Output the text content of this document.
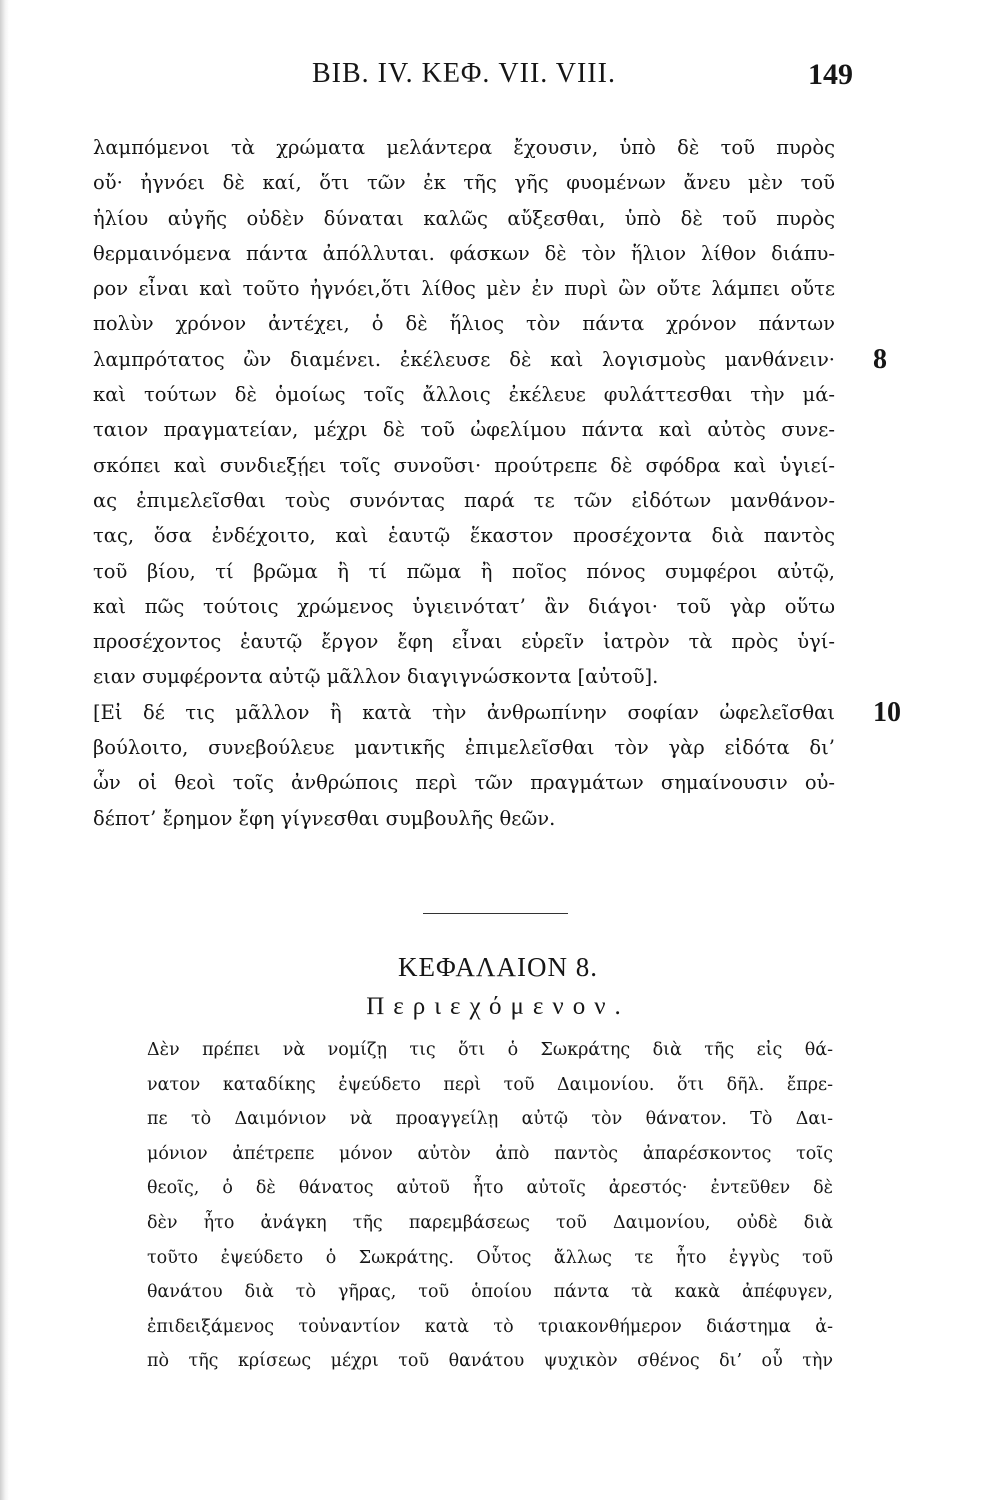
BIB. IV. ΚΕΦ. VII. VIII.	149
λαμπόμενοι τὰ χρώματα μελάντερα ἔχουσιν, ὑπὸ δὲ τοῦ πυρὸς
οὔ· ἠγνόει δὲ καί, ὅτι τῶν ἐκ τῆς γῆς φυομένων ἄνευ μὲν τοῦ
ἡλίου αὐγῆς οὐδὲν δύναται καλῶς αὔξεσθαι, ὑπὸ δὲ τοῦ πυρὸς
θερμαινόμενα πάντα ἀπόλλυται. φάσκων δὲ τὸν ἥλιον λίθον διάπυ-
ρον εἶναι καὶ τοῦτο ἠγνόει,ὅτι λίθος μὲν ἐν πυρὶ ὢν οὔτε λάμπει οὔτε
πολὺν χρόνον ἀντέχει, ὁ δὲ ἥλιος τὸν πάντα χρόνον πάντων
λαμπρότατος ὢν διαμένει. ἐκέλευσε δὲ καὶ λογισμοὺς μανθάνειν· 8
καὶ τούτων δὲ ὁμοίως τοῖς ἄλλοις ἐκέλευε φυλάττεσθαι τὴν μά-
ταιον πραγματείαν, μέχρι δὲ τοῦ ὠφελίμου πάντα καὶ αὐτὸς συνε-
σκόπει καὶ συνδιεξῄει τοῖς συνοῦσι· προύτρεπε δὲ σφόδρα καὶ ὑγιεί-
ας ἐπιμελεῖσθαι τοὺς συνόντας παρά τε τῶν εἰδότων μανθάνον-
τας, ὅσα ἐνδέχοιτο, καὶ ἑαυτῷ ἕκαστον προσέχοντα διὰ παντὸς
τοῦ βίου, τί βρῶμα ἢ τί πῶμα ἢ ποῖος πόνος συμφέροι αὐτῷ,
καὶ πῶς τούτοις χρώμενος ὑγιεινότατ’ ἂν διάγοι· τοῦ γὰρ οὕτω
προσέχοντος ἑαυτῷ ἔργον ἔφη εἶναι εὑρεῖν ἰατρὸν τὰ πρὸς ὑγί-
ειαν συμφέροντα αὐτῷ μᾶλλον διαγιγνώσκοντα [αὐτοῦ].
[Εἰ δέ τις μᾶλλον ἢ κατὰ τὴν ἀνθρωπίνην σοφίαν ὠφελεῖσθαι 10
βούλοιτο, συνεβούλευε μαντικῆς ἐπιμελεῖσθαι τὸν γὰρ εἰδότα δι’
ὧν οἱ θεοὶ τοῖς ἀνθρώποις περὶ τῶν πραγμάτων σημαίνουσιν οὐ-
δέποτ’ ἔρημον ἔφη γίγνεσθαι συμβουλῆς θεῶν.
ΚΕΦΑΛΑΙΟΝ 8.
Περιεχόμενον.
Δὲν πρέπει νὰ νομίζῃ τις ὅτι ὁ Σωκράτης διὰ τῆς εἰς θά-
νατον καταδίκης ἐψεύδετο περὶ τοῦ Δαιμονίου. ὅτι δῆλ. ἔπρε-
πε τὸ Δαιμόνιον νὰ προαγγείλῃ αὐτῷ τὸν θάνατον. Τὸ Δαι-
μόνιον ἀπέτρεπε μόνον αὐτὸν ἀπὸ παντὸς ἀπαρέσκοντος τοῖς
θεοῖς, ὁ δὲ θάνατος αὐτοῦ ἦτο αὐτοῖς ἀρεστός· ἐντεῦθεν δὲ
δὲν ἦτο ἀνάγκη τῆς παρεμβάσεως τοῦ Δαιμονίου, οὐδὲ διὰ
τοῦτο ἐψεύδετο ὁ Σωκράτης. Οὗτος ἄλλως τε ἦτο ἐγγὺς τοῦ
θανάτου διὰ τὸ γῆρας, τοῦ ὁποίου πάντα τὰ κακὰ ἀπέφυγεν,
ἐπιδειξάμενος τοὐναντίον κατὰ τὸ τριακονθήμερον διάστημα ἀ-
πὸ τῆς κρίσεως μέχρι τοῦ θανάτου ψυχικὸν σθένος δι’ οὗ τὴν
